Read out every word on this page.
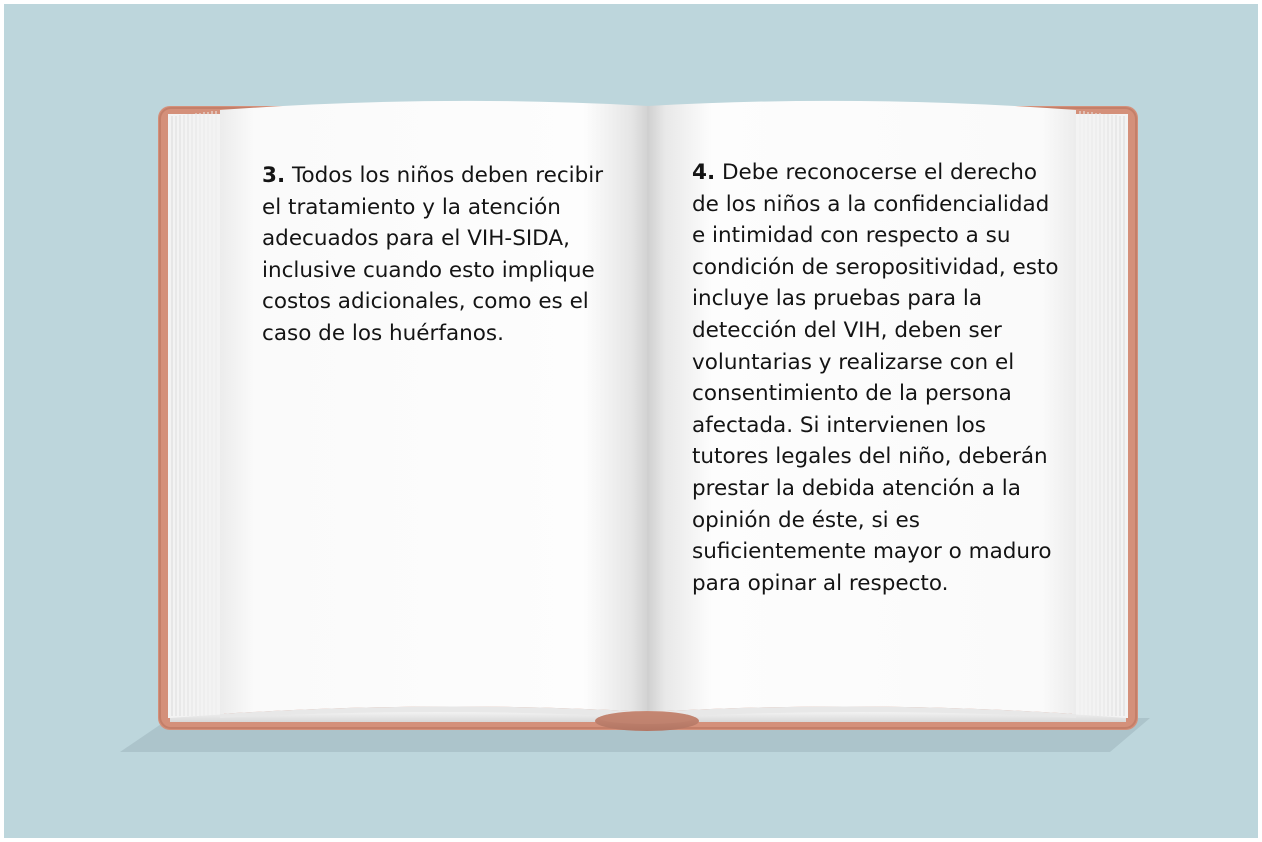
3. Todos los niños deben recibir el tratamiento y la atención adecuados para el VIH-SIDA, inclusive cuando esto implique costos adicionales, como es el caso de los huérfanos.

4. Debe reconocerse el derecho de los niños a la confidencialidad e intimidad con respecto a su condición de seropositividad, esto incluye las pruebas para la detección del VIH, deben ser voluntarias y realizarse con el consentimiento de la persona afectada. Si intervienen los tutores legales del niño, deberán prestar la debida atención a la opinión de éste, si es suficientemente mayor o maduro para opinar al respecto.
